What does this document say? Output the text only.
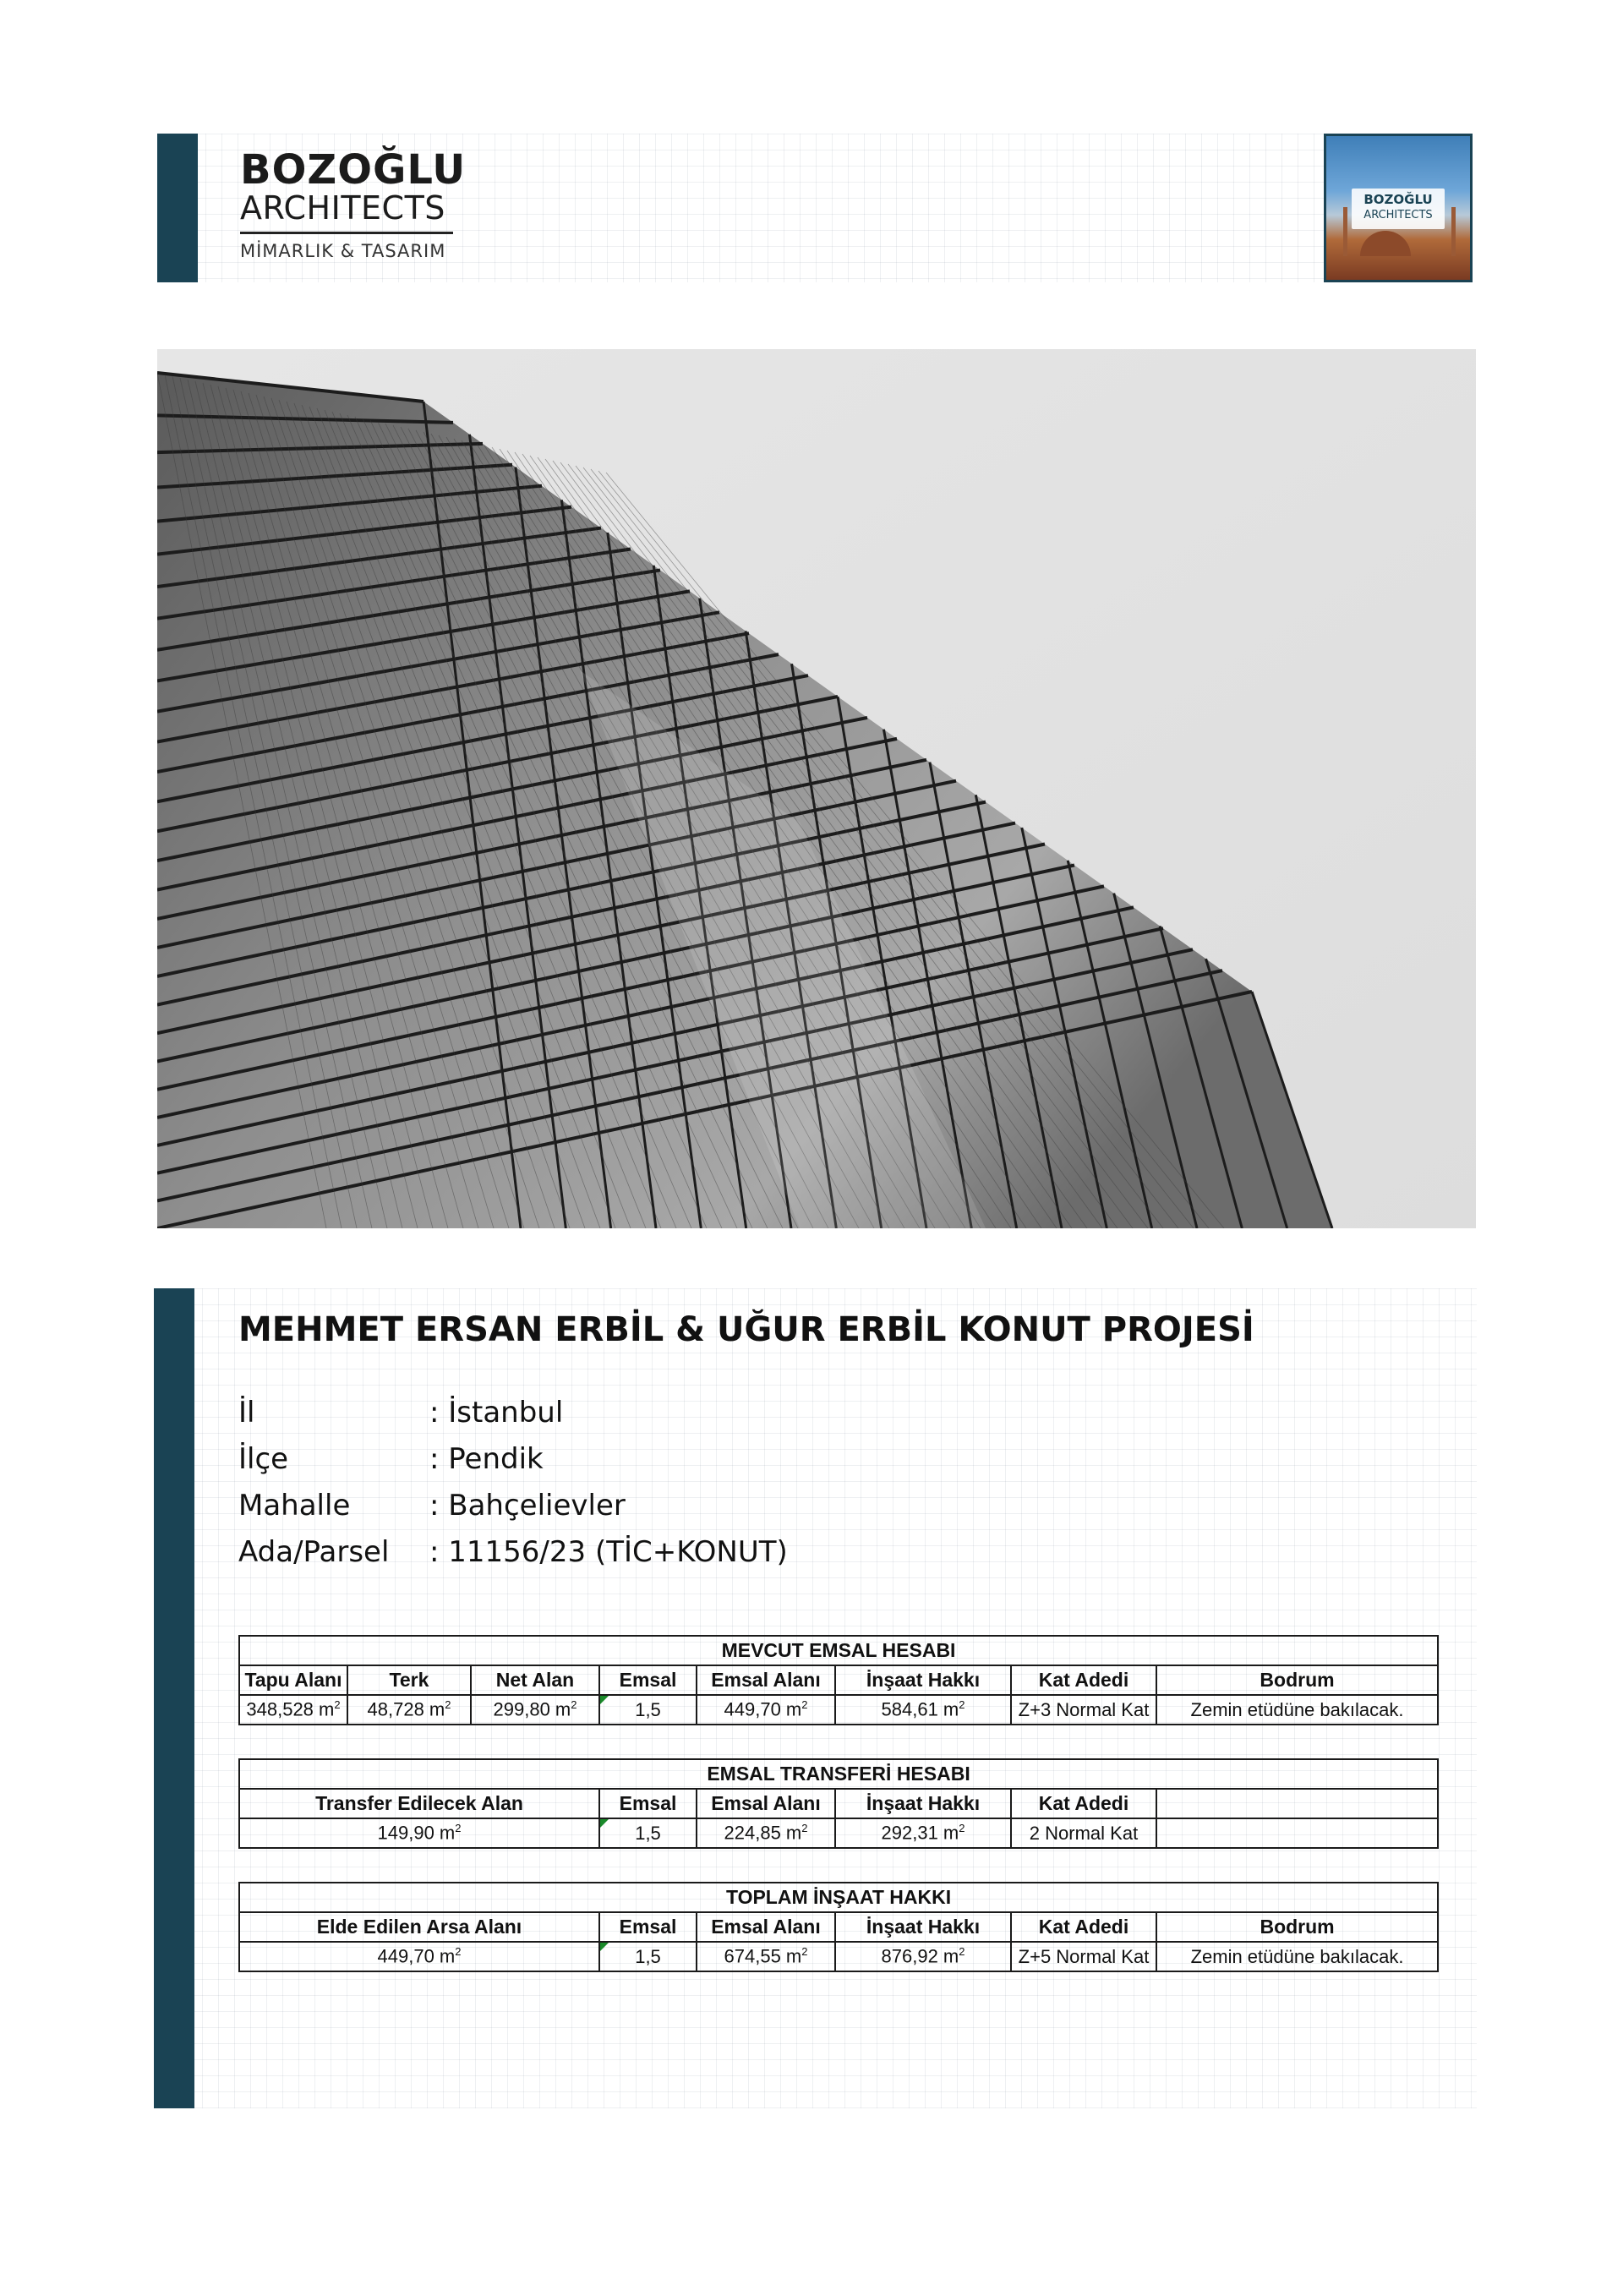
BOZOĞLU
ARCHITECTS
MİMARLIK & TASARIM
BOZOĞLU
ARCHITECTS
MEHMET ERSAN ERBİL & UĞUR ERBİL KONUT PROJESİ
İl	: İstanbul
İlçe	: Pendik
Mahalle	: Bahçelievler
Ada/Parsel : 11156/23 (TİC+KONUT)
MEVCUT EMSAL HESABI							
Tapu Alanı	Terk	Net Alan	Emsal	Emsal Alanı	İnşaat Hakkı	Kat Adedi	Bodrum
348,528 $m^2$	48,728 $m^2$	299,80 $m^2$	1,5	449,70 $m^2$	584,61 $m^2$	Z+3 Normal Kat	Zemin etüdüne bakılacak.
EMSAL TRANSFERİ HESABI					
Transfer Edilecek Alan	Emsal	Emsal Alanı	İnşaat Hakkı	Kat Adedi	
149,90 $m^2$	1,5	224,85 $m^2$	292,31 $m^2$	2 Normal Kat	
TOPLAM İNŞAAT HAKKI					
Elde Edilen Arsa Alanı	Emsal	Emsal Alanı	İnşaat Hakkı	Kat Adedi	Bodrum
449,70 $m^2$	1,5	674,55 $m^2$	876,92 $m^2$	Z+5 Normal Kat	Zemin etüdüne bakılacak.
